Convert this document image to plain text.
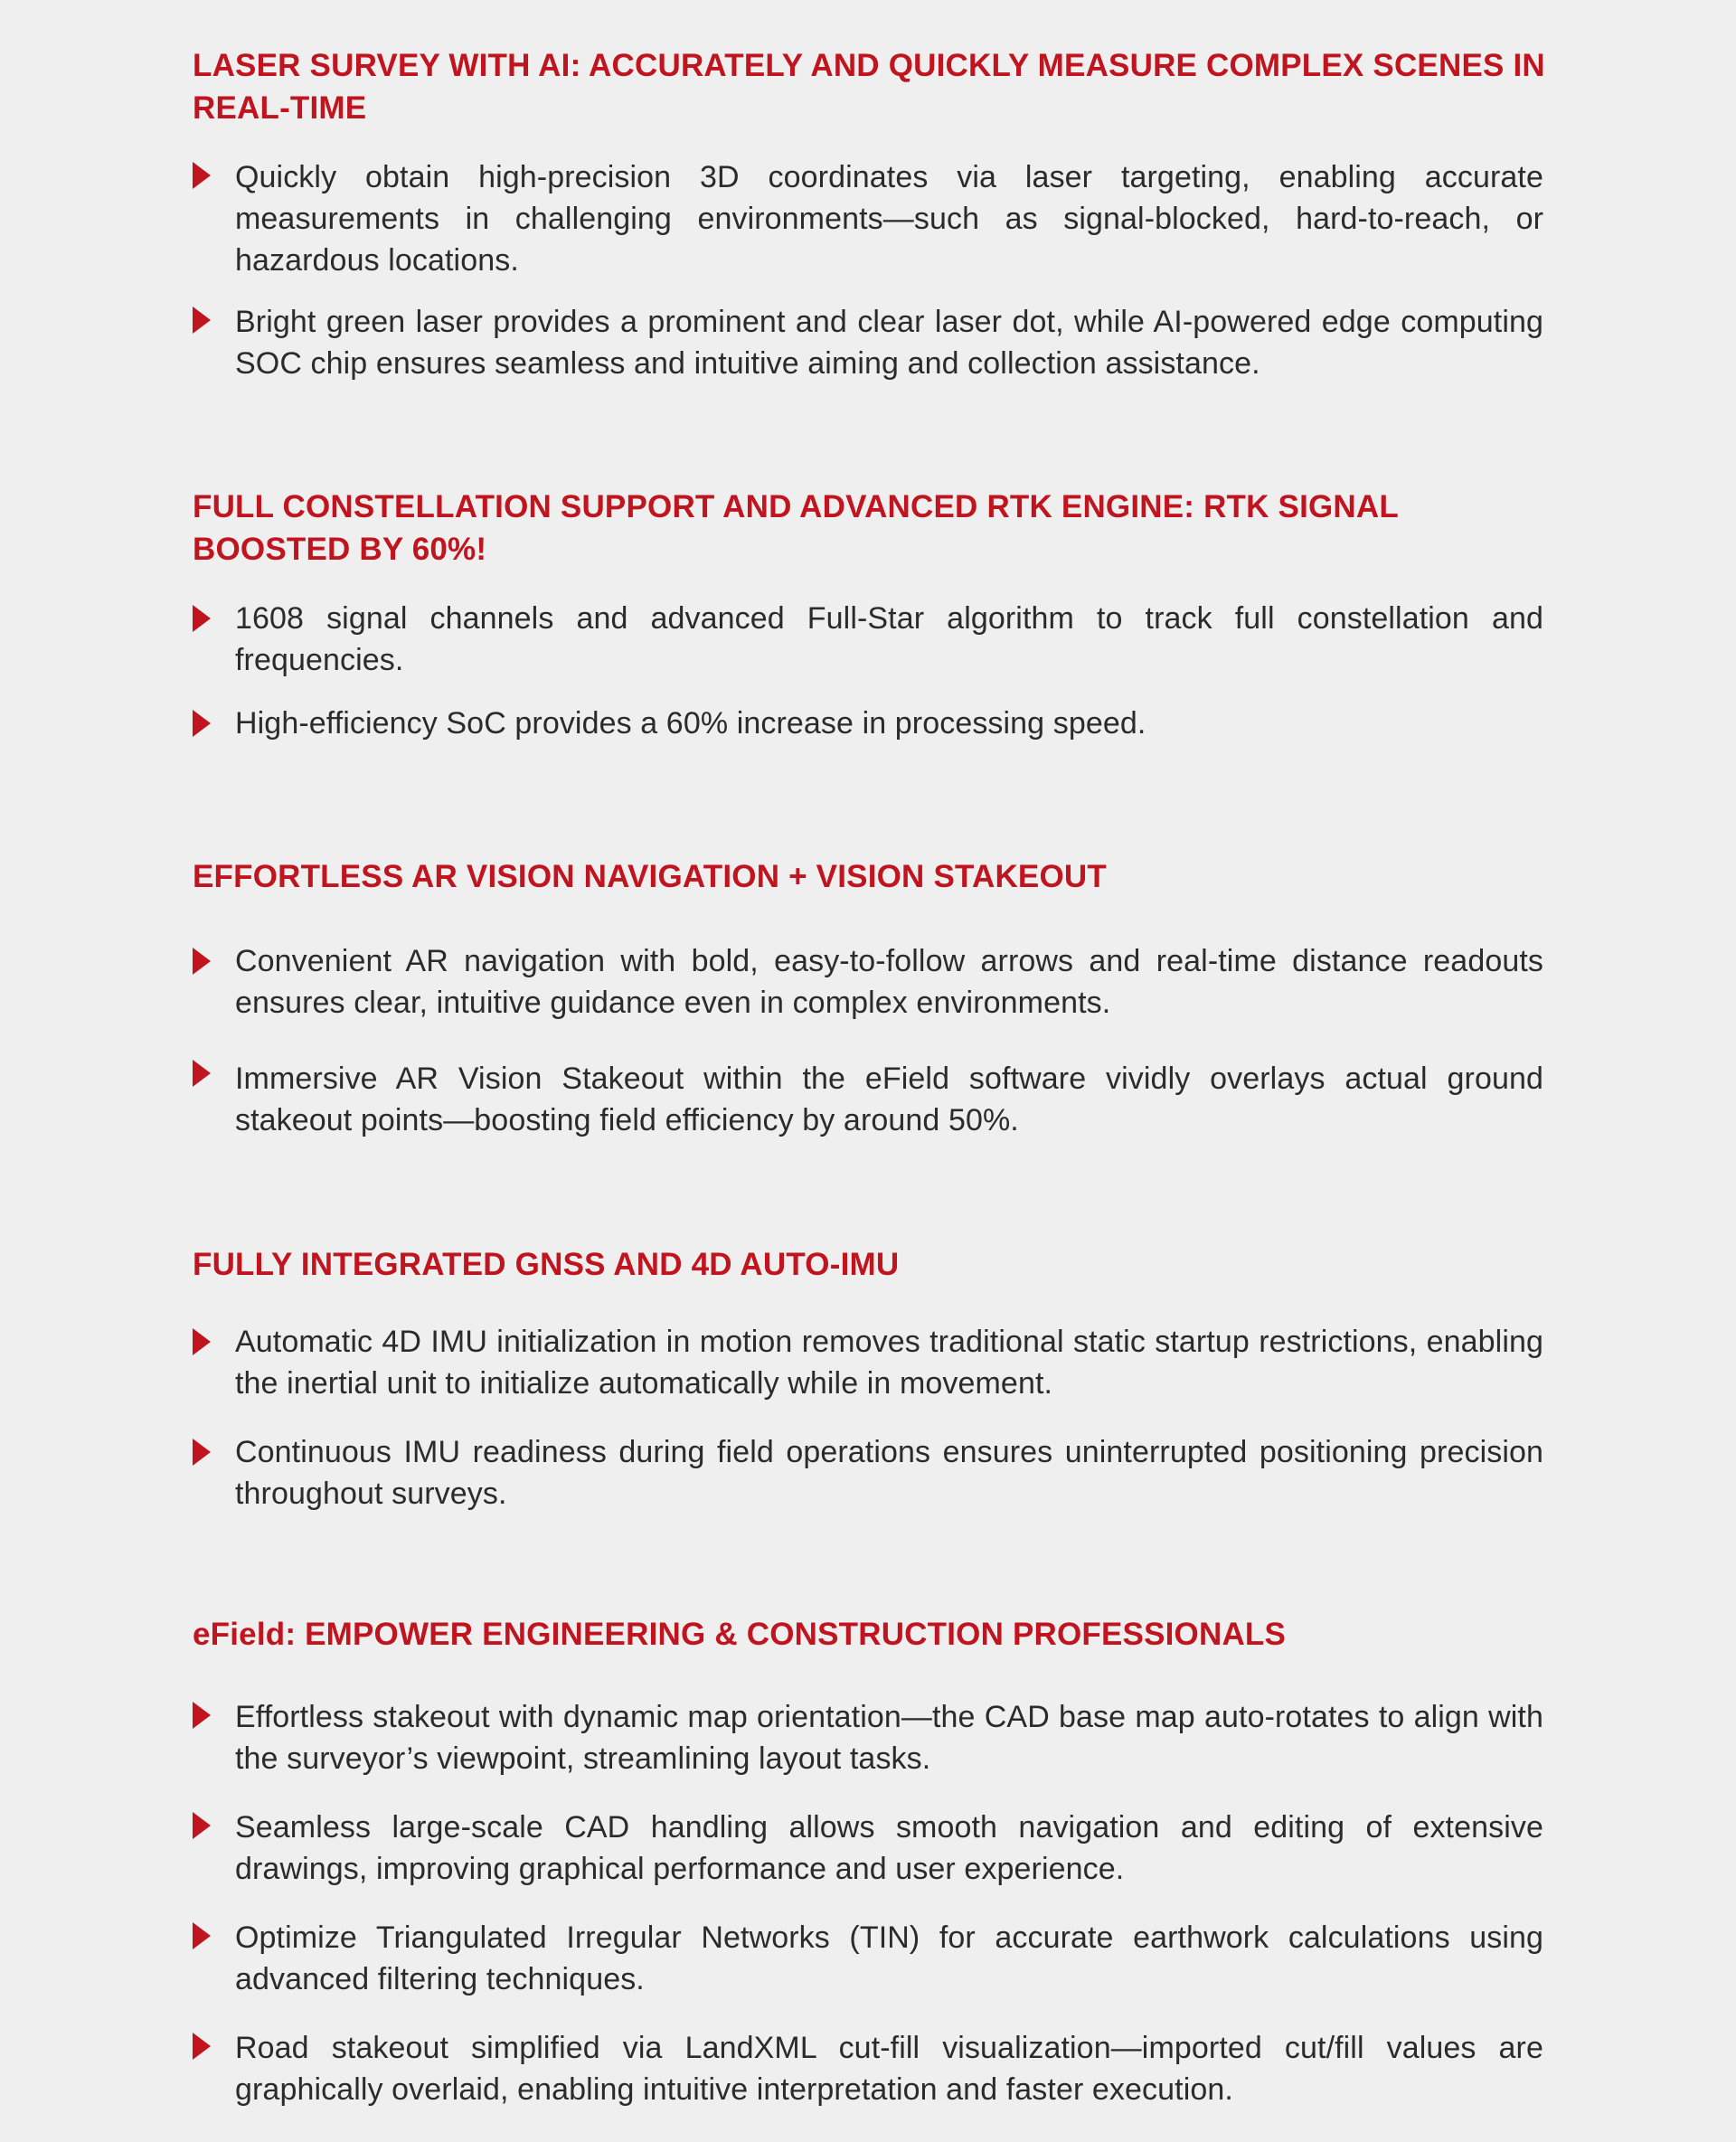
LASER SURVEY WITH AI: ACCURATELY AND QUICKLY MEASURE COMPLEX SCENES IN REAL-TIME
Quickly obtain high-precision 3D coordinates via laser targeting, enabling accurate measurements in challenging environments—such as signal-blocked, hard-to-reach, or hazardous locations.
Bright green laser provides a prominent and clear laser dot, while AI-powered edge computing SOC chip ensures seamless and intuitive aiming and collection assistance.
FULL CONSTELLATION SUPPORT AND ADVANCED RTK ENGINE: RTK SIGNAL BOOSTED BY 60%!
1608 signal channels and advanced Full-Star algorithm to track full constellation and frequencies.
High-efficiency SoC provides a 60% increase in processing speed.
EFFORTLESS AR VISION NAVIGATION + VISION STAKEOUT
Convenient AR navigation with bold, easy-to-follow arrows and real-time distance readouts ensures clear, intuitive guidance even in complex environments.
Immersive AR Vision Stakeout within the eField software vividly overlays actual ground stakeout points—boosting field efficiency by around 50%.
FULLY INTEGRATED GNSS AND 4D AUTO-IMU
Automatic 4D IMU initialization in motion removes traditional static startup restrictions, enabling the inertial unit to initialize automatically while in movement.
Continuous IMU readiness during field operations ensures uninterrupted positioning precision throughout surveys.
eField: EMPOWER ENGINEERING & CONSTRUCTION PROFESSIONALS
Effortless stakeout with dynamic map orientation—the CAD base map auto-rotates to align with the surveyor’s viewpoint, streamlining layout tasks.
Seamless large-scale CAD handling allows smooth navigation and editing of extensive drawings, improving graphical performance and user experience.
Optimize Triangulated Irregular Networks (TIN) for accurate earthwork calculations using advanced filtering techniques.
Road stakeout simplified via LandXML cut-fill visualization—imported cut/fill values are graphically overlaid, enabling intuitive interpretation and faster execution.
